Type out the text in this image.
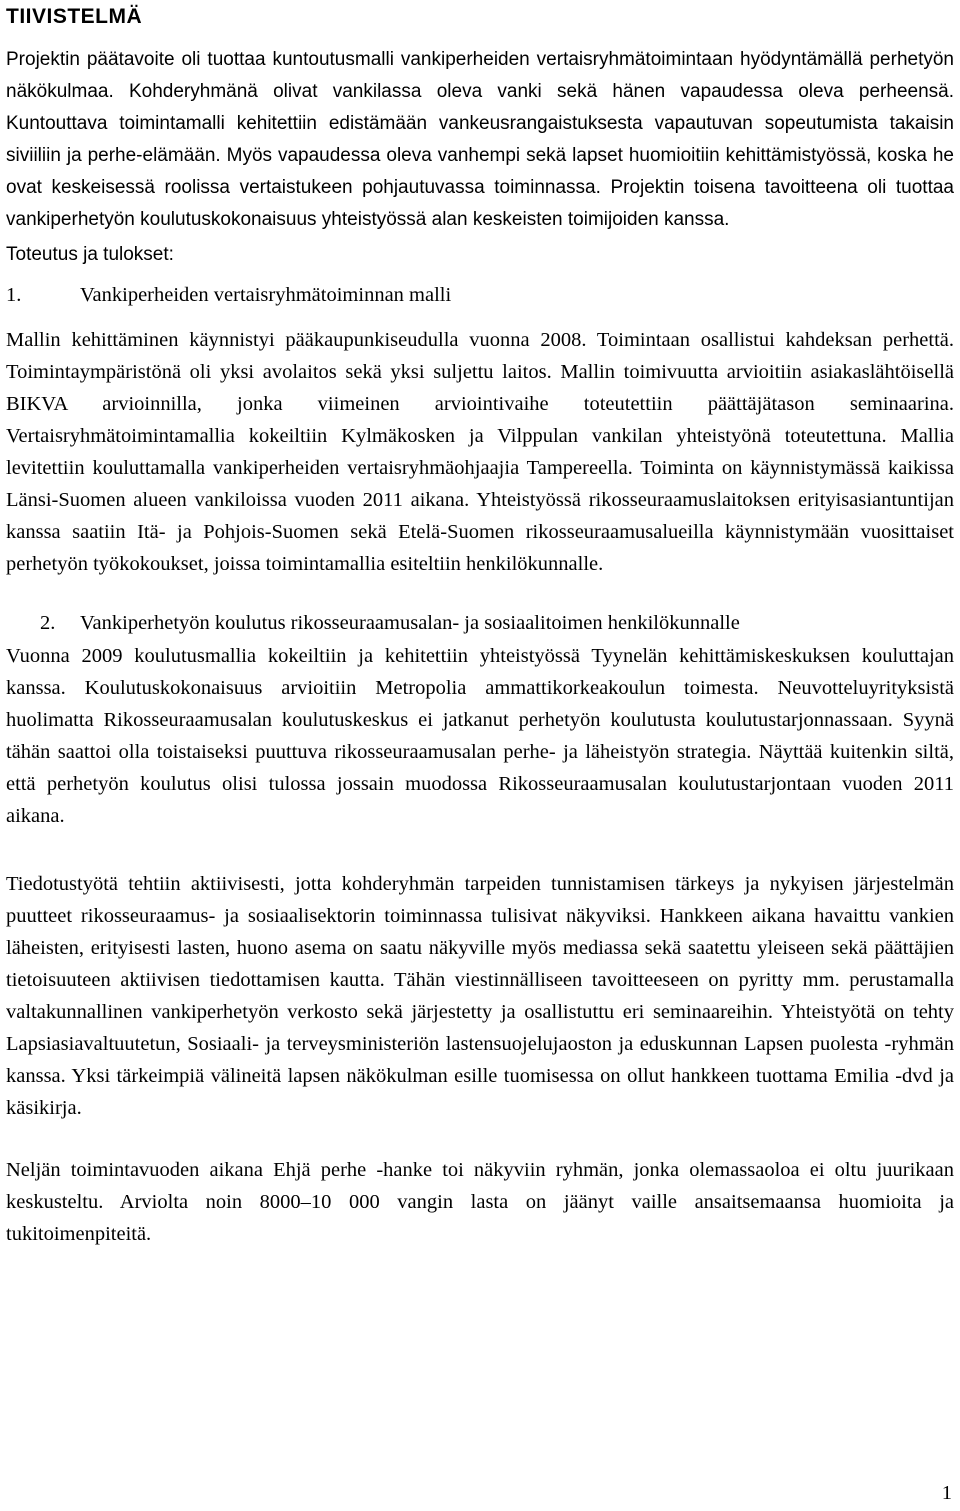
TIIVISTELMÄ

Projektin päätavoite oli tuottaa kuntoutusmalli vankiperheiden vertaisryhmätoimintaan hyödyntämällä perhetyön näkökulmaa. Kohderyhmänä olivat vankilassa oleva vanki sekä hänen vapaudessa oleva perheensä. Kuntouttava toimintamalli kehitettiin edistämään vankeusrangaistuksesta vapautuvan sopeutumista takaisin siviiliin ja perhe-elämään. Myös vapaudessa oleva vanhempi sekä lapset huomioitiin kehittämistyössä, koska he ovat keskeisessä roolissa vertaistukeen pohjautuvassa toiminnassa. Projektin toisena tavoitteena oli tuottaa vankiperhetyön koulutuskokonaisuus yhteistyössä alan keskeisten toimijoiden kanssa.

Toteutus ja tulokset:
1.	Vankiperheiden vertaisryhmätoiminnan malli

Mallin kehittäminen käynnistyi pääkaupunkiseudulla vuonna 2008. Toimintaan osallistui kahdeksan perhettä. Toimintaympäristönä oli yksi avolaitos sekä yksi suljettu laitos. Mallin toimivuutta arvioitiin asiakaslähtöisellä BIKVA arvioinnilla, jonka viimeinen arviointivaihe toteutettiin päättäjätason seminaarina. Vertaisryhmätoimintamallia kokeiltiin Kylmäkosken ja Vilppulan vankilan yhteistyönä toteutettuna. Mallia levitettiin kouluttamalla vankiperheiden vertaisryhmäohjaajia Tampereella. Toiminta on käynnistymässä kaikissa Länsi-Suomen alueen vankiloissa vuoden 2011 aikana. Yhteistyössä rikosseuraamuslaitoksen erityisasiantuntijan kanssa saatiin Itä- ja Pohjois-Suomen sekä Etelä-Suomen rikosseuraamusalueilla käynnistymään vuosittaiset perhetyön työkokoukset, joissa toimintamallia esiteltiin henkilökunnalle.

2.	Vankiperhetyön koulutus rikosseuraamusalan- ja sosiaalitoimen henkilökunnalle

Vuonna 2009 koulutusmallia kokeiltiin ja kehitettiin yhteistyössä Tyynelän kehittämiskeskuksen kouluttajan kanssa. Koulutuskokonaisuus arvioitiin Metropolia ammattikorkeakoulun toimesta. Neuvotteluyrityksistä huolimatta Rikosseuraamusalan koulutuskeskus ei jatkanut perhetyön koulutusta koulutustarjonnassaan. Syynä tähän saattoi olla toistaiseksi puuttuva rikosseuraamusalan perhe- ja läheistyön strategia. Näyttää kuitenkin siltä, että perhetyön koulutus olisi tulossa jossain muodossa Rikosseuraamusalan koulutustarjontaan vuoden 2011 aikana.

Tiedotustyötä tehtiin aktiivisesti, jotta kohderyhmän tarpeiden tunnistamisen tärkeys ja nykyisen järjestelmän puutteet rikosseuraamus- ja sosiaalisektorin toiminnassa tulisivat näkyviksi. Hankkeen aikana havaittu vankien läheisten, erityisesti lasten, huono asema on saatu näkyville myös mediassa sekä saatettu yleiseen sekä päättäjien tietoisuuteen aktiivisen tiedottamisen kautta. Tähän viestinnälliseen tavoitteeseen on pyritty mm. perustamalla valtakunnallinen vankiperhetyön verkosto sekä järjestetty ja osallistuttu eri seminaareihin. Yhteistyötä on tehty Lapsiasiavaltuutetun, Sosiaali- ja terveysministeriön lastensuojelujaoston ja eduskunnan Lapsen puolesta -ryhmän kanssa. Yksi tärkeimpiä välineitä lapsen näkökulman esille tuomisessa on ollut hankkeen tuottama Emilia -dvd ja käsikirja.

Neljän toimintavuoden aikana Ehjä perhe -hanke toi näkyviin ryhmän, jonka olemassaoloa ei oltu juurikaan keskusteltu. Arviolta noin 8000–10 000 vangin lasta on jäänyt vaille ansaitsemaansa huomioita ja tukitoimenpiteitä.

1
